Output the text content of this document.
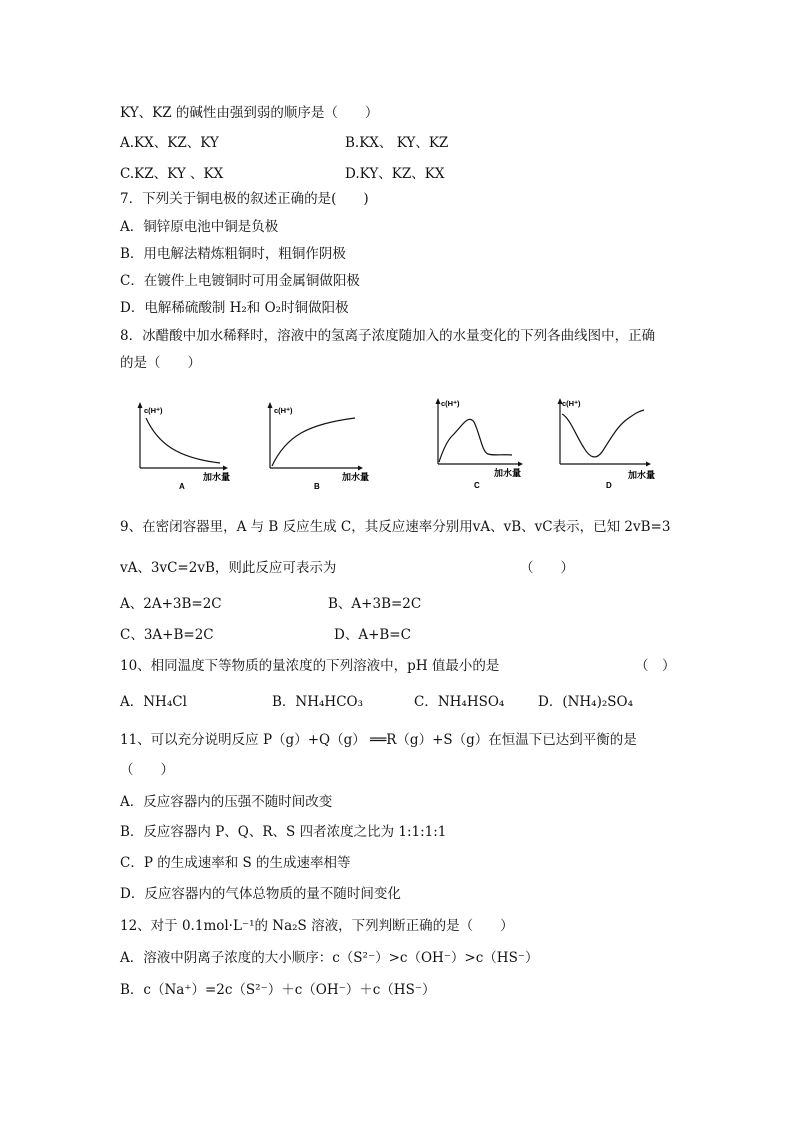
KY、KZ 的碱性由强到弱的顺序是（　　）
A.KX、KZ、KY	B.KX、 KY、KZ
C.KZ、KY 、KX	D.KY、KZ、KX
7．下列关于铜电极的叙述正确的是(　　)
A．铜锌原电池中铜是负极
B．用电解法精炼粗铜时，粗铜作阴极
C．在镀件上电镀铜时可用金属铜做阳极
D．电解稀硫酸制 H₂和 O₂时铜做阳极
8．冰醋酸中加水稀释时，溶液中的氢离子浓度随加入的水量变化的下列各曲线图中，正确
的是（　　）
c(H⁺)
加水量
A
c(H⁺)
加水量
B
c(H⁺)
加水量
C
c(H⁺)
加水量
D
9、在密闭容器里，A 与 B 反应生成 C，其反应速率分别用vA、vB、vC表示，已知 2vB=3
vA、3vC=2vB，则此反应可表示为	（　　）
A、2A+3B=2C	B、A+3B=2C
C、3A+B=2C	D、A+B=C
10、相同温度下等物质的量浓度的下列溶液中，pH 值最小的是	（　）
A．NH₄Cl	B．NH₄HCO₃	C．NH₄HSO₄ D．(NH₄)₂SO₄
11、可以充分说明反应 P（g）+Q（g） ══R（g）+S（g）在恒温下已达到平衡的是
（　　）
A．反应容器内的压强不随时间改变
B．反应容器内 P、Q、R、S 四者浓度之比为 1:1:1:1
C．P 的生成速率和 S 的生成速率相等
D．反应容器内的气体总物质的量不随时间变化
12、对于 0.1mol·L⁻¹的 Na₂S 溶液，下列判断正确的是（　　）
A．溶液中阴离子浓度的大小顺序：c（S²⁻）>c（OH⁻）>c（HS⁻）
B．c（Na⁺）=2c（S²⁻）＋c（OH⁻）＋c（HS⁻）
